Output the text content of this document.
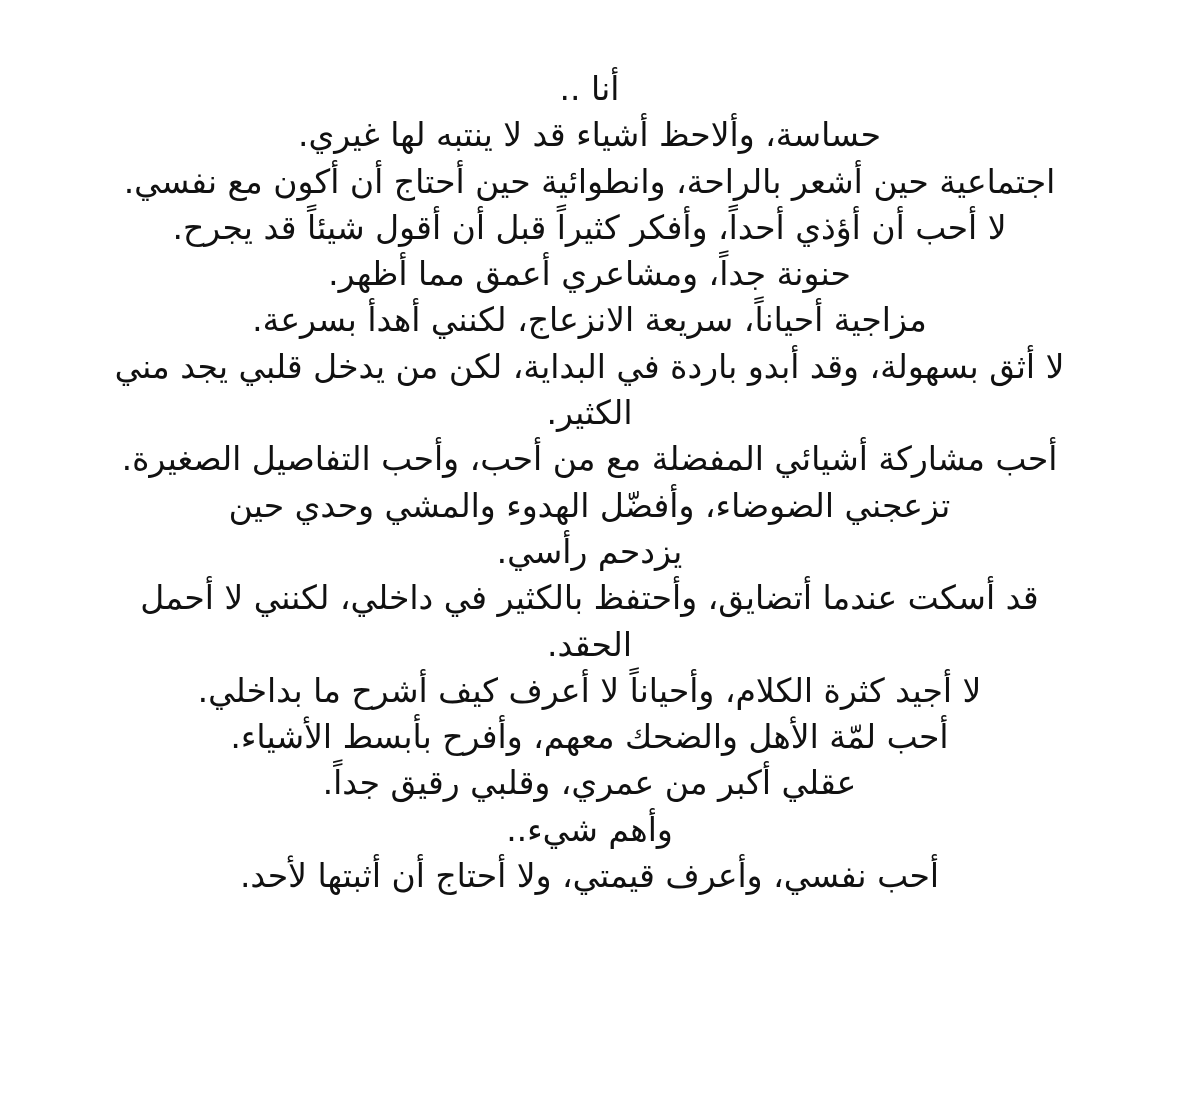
أنا ..
حساسة، وألاحظ أشياء قد لا ينتبه لها غيري.
اجتماعية حين أشعر بالراحة، وانطوائية حين أحتاج أن أكون مع نفسي.
لا أحب أن أؤذي أحداً، وأفكر كثيراً قبل أن أقول شيئاً قد يجرح.
حنونة جداً، ومشاعري أعمق مما أظهر.
مزاجية أحياناً، سريعة الانزعاج، لكنني أهدأ بسرعة.
لا أثق بسهولة، وقد أبدو باردة في البداية، لكن من يدخل قلبي يجد مني
الكثير.
أحب مشاركة أشيائي المفضلة مع من أحب، وأحب التفاصيل الصغيرة.
تزعجني الضوضاء، وأفضّل الهدوء والمشي وحدي حين
يزدحم رأسي.
قد أسكت عندما أتضايق، وأحتفظ بالكثير في داخلي، لكنني لا أحمل
الحقد.
لا أجيد كثرة الكلام، وأحياناً لا أعرف كيف أشرح ما بداخلي.
أحب لمّة الأهل والضحك معهم، وأفرح بأبسط الأشياء.
عقلي أكبر من عمري، وقلبي رقيق جداً.
وأهم شيء..
أحب نفسي، وأعرف قيمتي، ولا أحتاج أن أثبتها لأحد.
